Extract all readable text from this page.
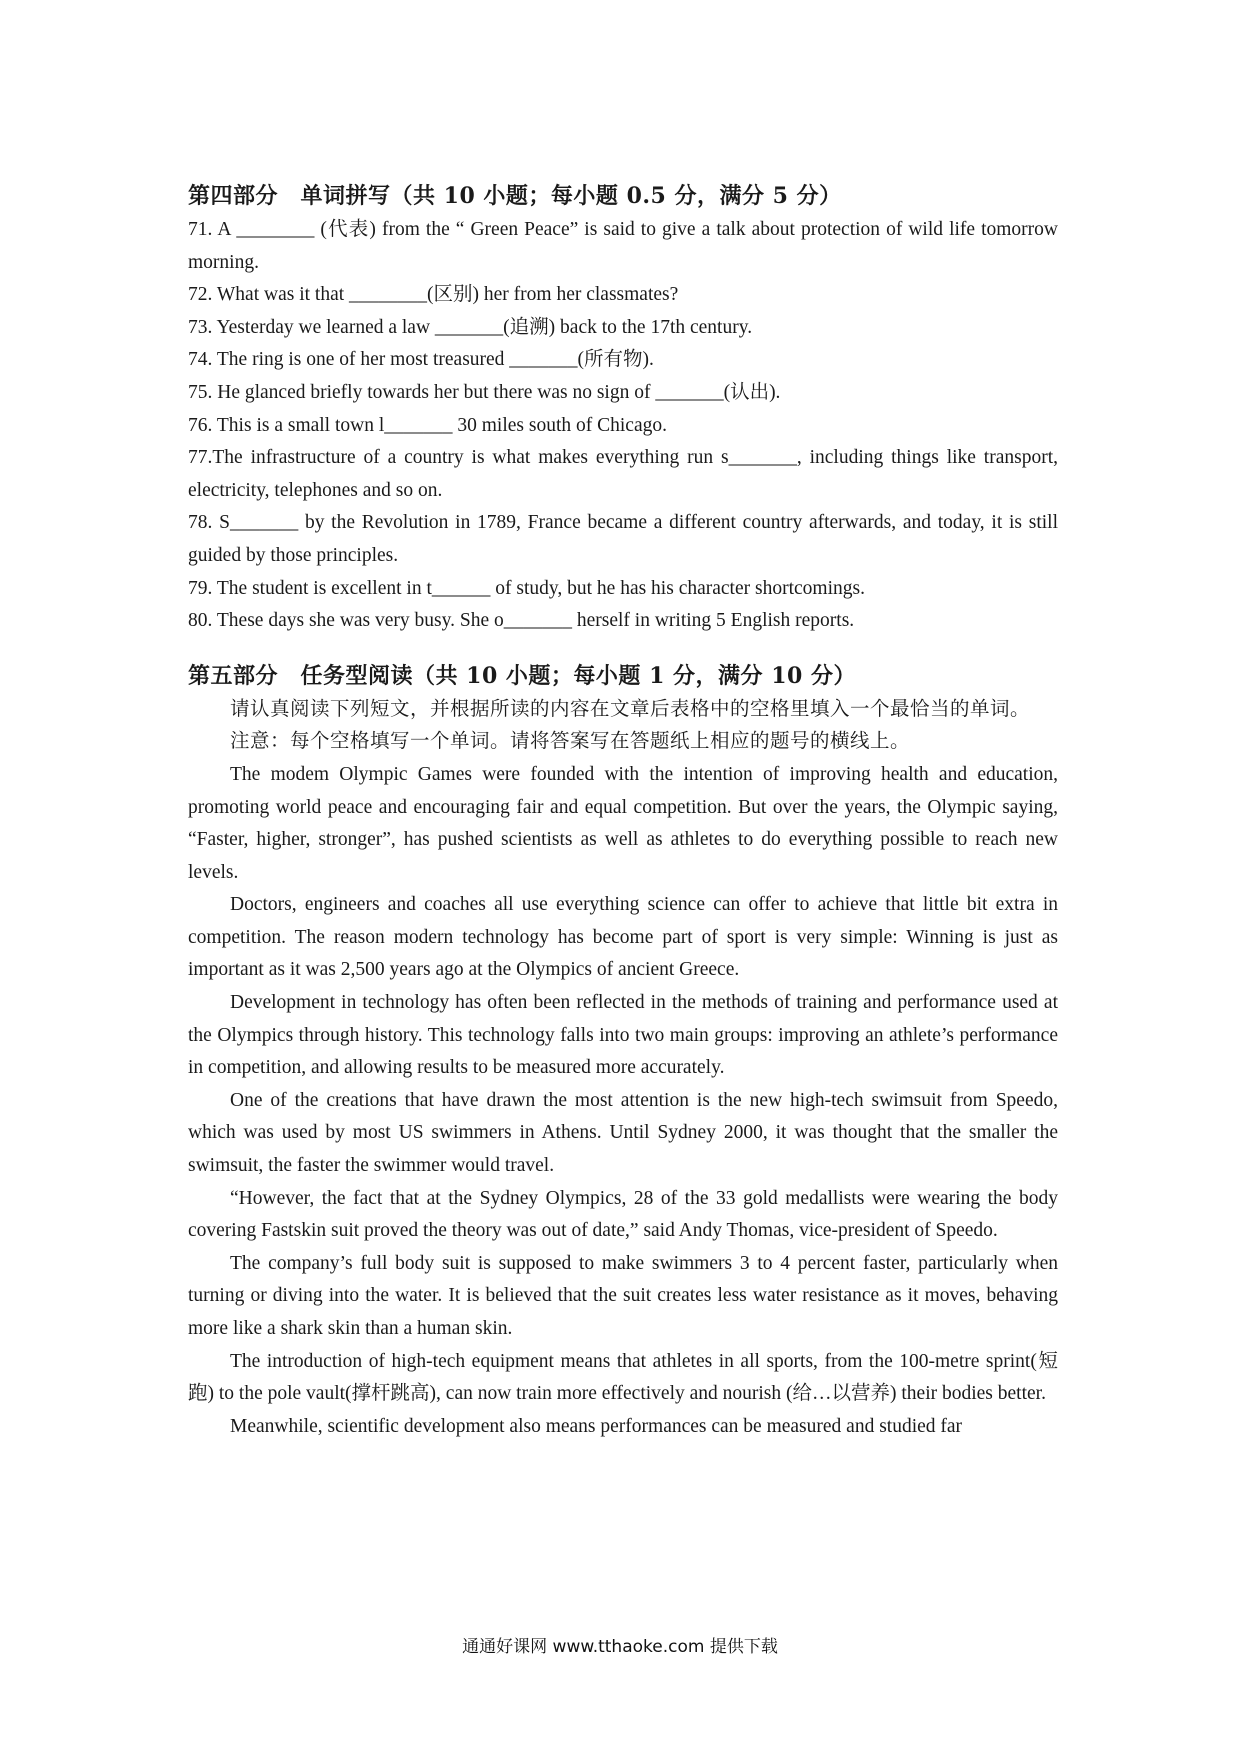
第四部分　单词拼写（共 10 小题；每小题 0.5 分，满分 5 分）

71. A ________ (代表) from the “ Green Peace” is said to give a talk about protection of wild life tomorrow morning.

72. What was it that ________(区别) her from her classmates?

73. Yesterday we learned a law _______(追溯) back to the 17th century.

74. The ring is one of her most treasured _______(所有物).

75. He glanced briefly towards her but there was no sign of _______(认出).

76. This is a small town l_______ 30 miles south of Chicago.

77.The infrastructure of a country is what makes everything run s_______, including things like transport, electricity, telephones and so on.

78. S_______ by the Revolution in 1789, France became a different country afterwards, and today, it is still guided by those principles.

79. The student is excellent in t______ of study, but he has his character shortcomings.

80. These days she was very busy. She o_______ herself in writing 5 English reports.

第五部分　任务型阅读（共 10 小题；每小题 1 分，满分 10 分）

请认真阅读下列短文，并根据所读的内容在文章后表格中的空格里填入一个最恰当的单词。

注意：每个空格填写一个单词。请将答案写在答题纸上相应的题号的横线上。

The modem Olympic Games were founded with the intention of improving health and education, promoting world peace and encouraging fair and equal competition. But over the years, the Olympic saying, “Faster, higher, stronger”, has pushed scientists as well as athletes to do everything possible to reach new levels.

Doctors, engineers and coaches all use everything science can offer to achieve that little bit extra in competition. The reason modern technology has become part of sport is very simple: Winning is just as important as it was 2,500 years ago at the Olympics of ancient Greece.

Development in technology has often been reflected in the methods of training and performance used at the Olympics through history. This technology falls into two main groups: improving an athlete’s performance in competition, and allowing results to be measured more accurately.

One of the creations that have drawn the most attention is the new high-tech swimsuit from Speedo, which was used by most US swimmers in Athens. Until Sydney 2000, it was thought that the smaller the swimsuit, the faster the swimmer would travel.

“However, the fact that at the Sydney Olympics, 28 of the 33 gold medallists were wearing the body covering Fastskin suit proved the theory was out of date,” said Andy Thomas, vice-president of Speedo.

The company’s full body suit is supposed to make swimmers 3 to 4 percent faster, particularly when turning or diving into the water. It is believed that the suit creates less water resistance as it moves, behaving more like a shark skin than a human skin.

The introduction of high-tech equipment means that athletes in all sports, from the 100-metre sprint(短跑) to the pole vault(撑杆跳高), can now train more effectively and nourish (给…以营养) their bodies better.

Meanwhile, scientific development also means performances can be measured and studied far

通通好课网 www.tthaoke.com 提供下载
